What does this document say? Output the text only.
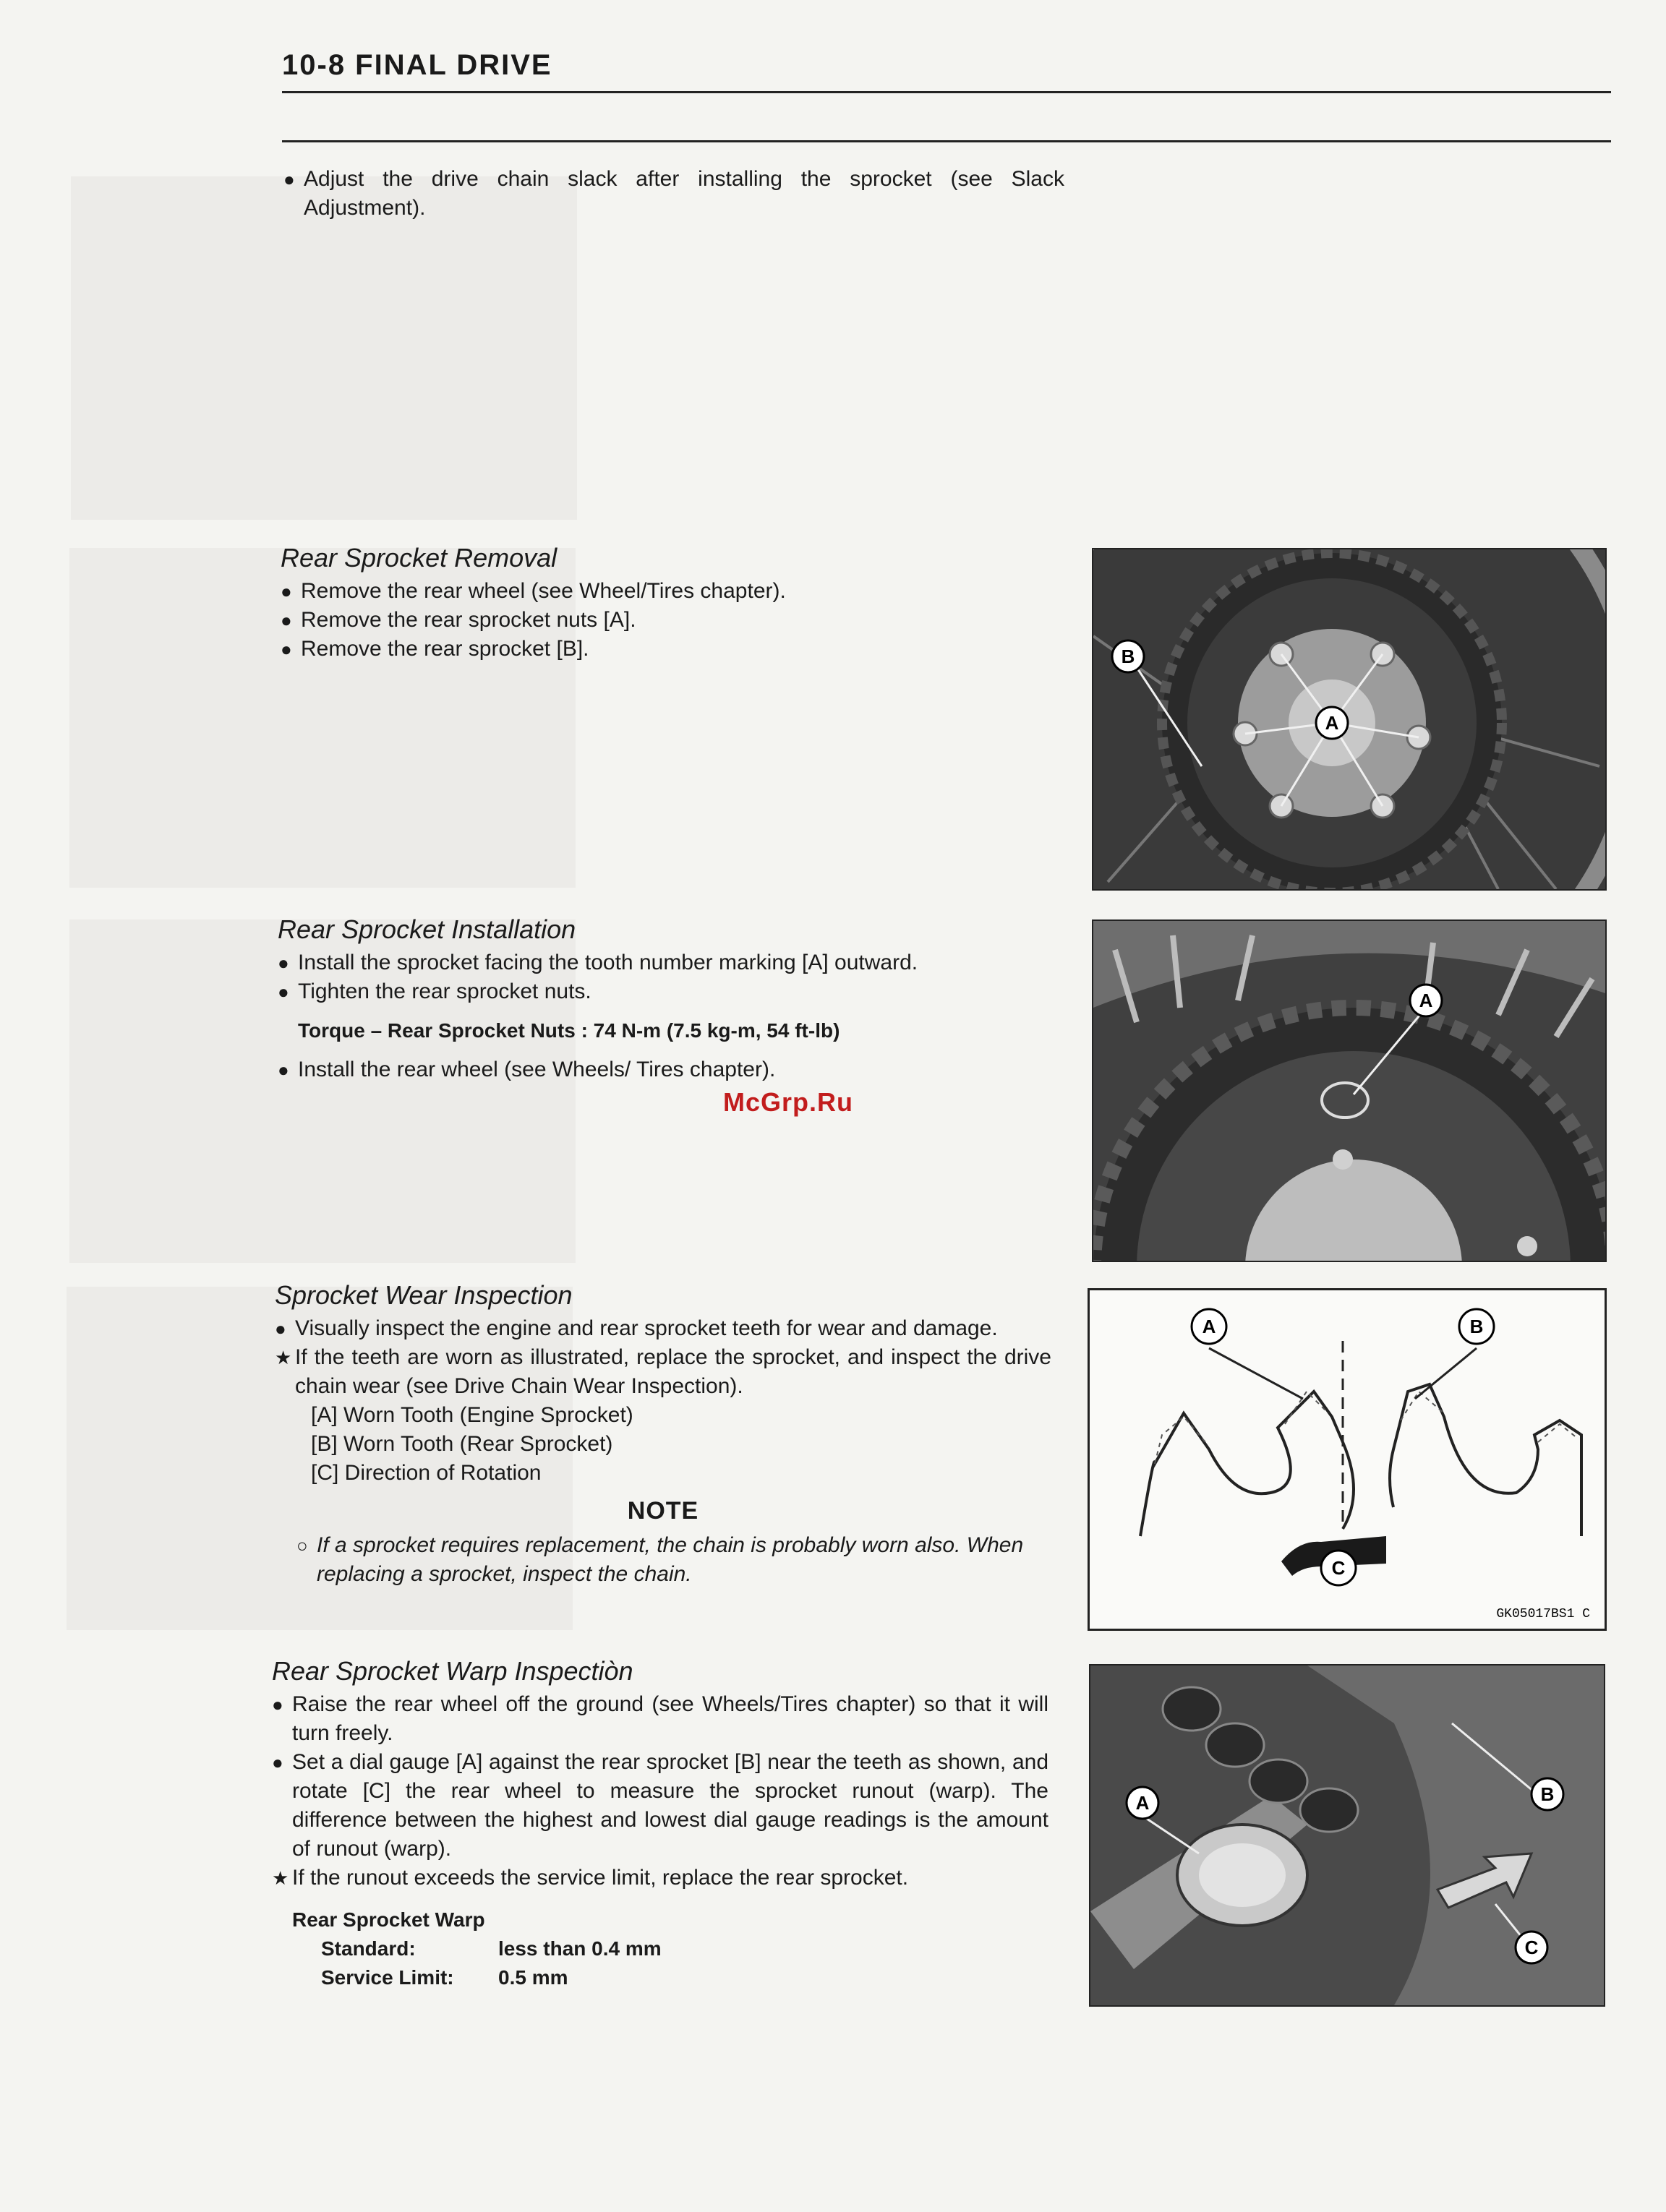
10-8 FINAL DRIVE
● Adjust the drive chain slack after installing the sprocket (see Slack Adjustment).
Rear Sprocket Removal
● Remove the rear wheel (see Wheel/Tires chapter).
● Remove the rear sprocket nuts [A].
● Remove the rear sprocket [B].
A
B
Rear Sprocket Installation
● Install the sprocket facing the tooth number marking [A] outward.
● Tighten the rear sprocket nuts.
Torque – Rear Sprocket Nuts : 74 N-m (7.5 kg-m, 54 ft-lb)
● Install the rear wheel (see Wheels/ Tires chapter).
McGrp.Ru
A
Sprocket Wear Inspection
● Visually inspect the engine and rear sprocket teeth for wear and damage.
★ If the teeth are worn as illustrated, replace the sprocket, and inspect the drive chain wear (see Drive Chain Wear Inspection).
[A] Worn Tooth (Engine Sprocket)
[B] Worn Tooth (Rear Sprocket)
[C] Direction of Rotation
NOTE
○ If a sprocket requires replacement, the chain is probably worn also. When replacing a sprocket, inspect the chain.
A	B
C
GK05017BS1 C
Rear Sprocket Warp Inspectiòn
● Raise the rear wheel off the ground (see Wheels/Tires chapter) so that it will turn freely.
● Set a dial gauge [A] against the rear sprocket [B] near the teeth as shown, and rotate [C] the rear wheel to measure the sprocket runout (warp). The difference between the highest and lowest dial gauge readings is the amount of runout (warp).
★ If the runout exceeds the service limit, replace the rear sprocket.
Rear Sprocket Warp
Standard:	less than 0.4 mm
Service Limit:	0.5 mm
A	B
C
